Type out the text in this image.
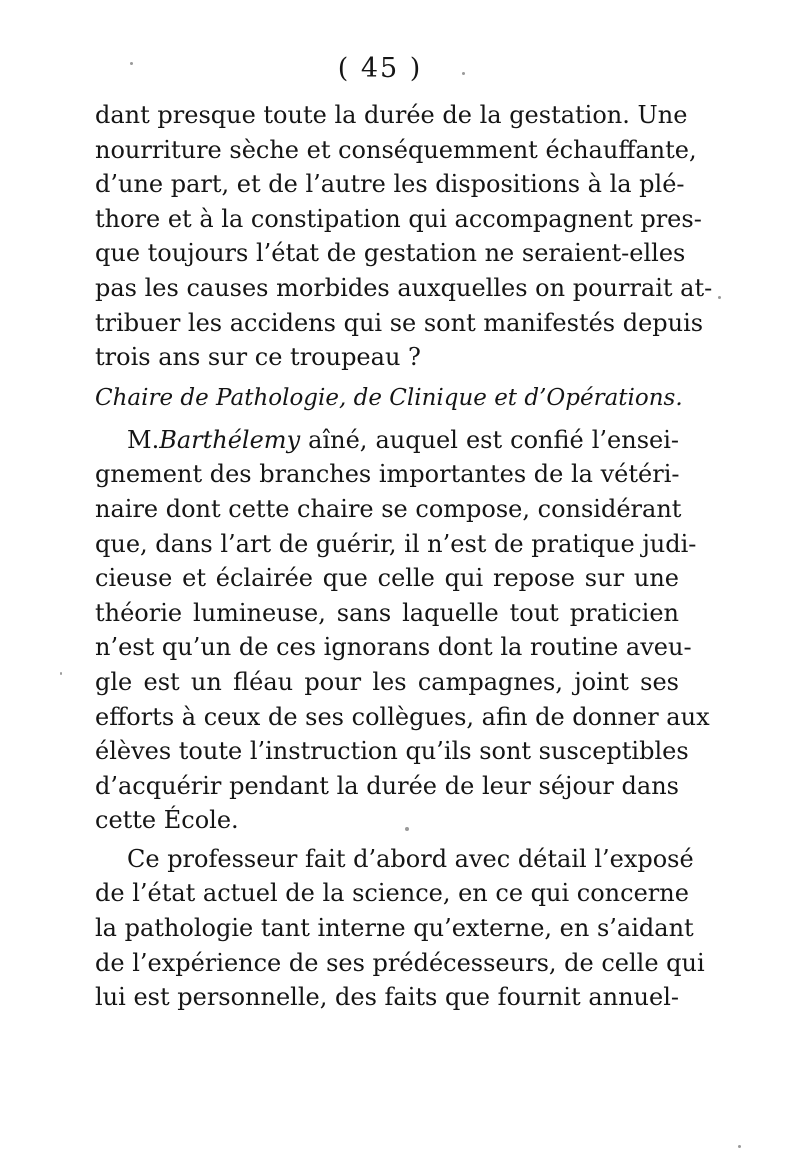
( 45 )
dant presque toute la durée de la gestation. Une
nourriture sèche et conséquemment échauffante,
d’une part, et de l’autre les dispositions à la plé-
thore et à la constipation qui accompagnent pres-
que toujours l’état de gestation ne seraient-elles
pas les causes morbides auxquelles on pourrait at-
tribuer les accidens qui se sont manifestés depuis
trois ans sur ce troupeau ?
Chaire de Pathologie, de Clinique et d’Opérations.
M.Barthélemy aîné, auquel est confié l’ensei-
gnement des branches importantes de la vétéri-
naire dont cette chaire se compose, considérant
que, dans l’art de guérir, il n’est de pratique judi-
cieuse et éclairée que celle qui repose sur une
théorie lumineuse, sans laquelle tout praticien
n’est qu’un de ces ignorans dont la routine aveu-
gle est un fléau pour les campagnes, joint ses
efforts à ceux de ses collègues, afin de donner aux
élèves toute l’instruction qu’ils sont susceptibles
d’acquérir pendant la durée de leur séjour dans
cette École.
Ce professeur fait d’abord avec détail l’exposé
de l’état actuel de la science, en ce qui concerne
la pathologie tant interne qu’externe, en s’aidant
de l’expérience de ses prédécesseurs, de celle qui
lui est personnelle, des faits que fournit annuel-
